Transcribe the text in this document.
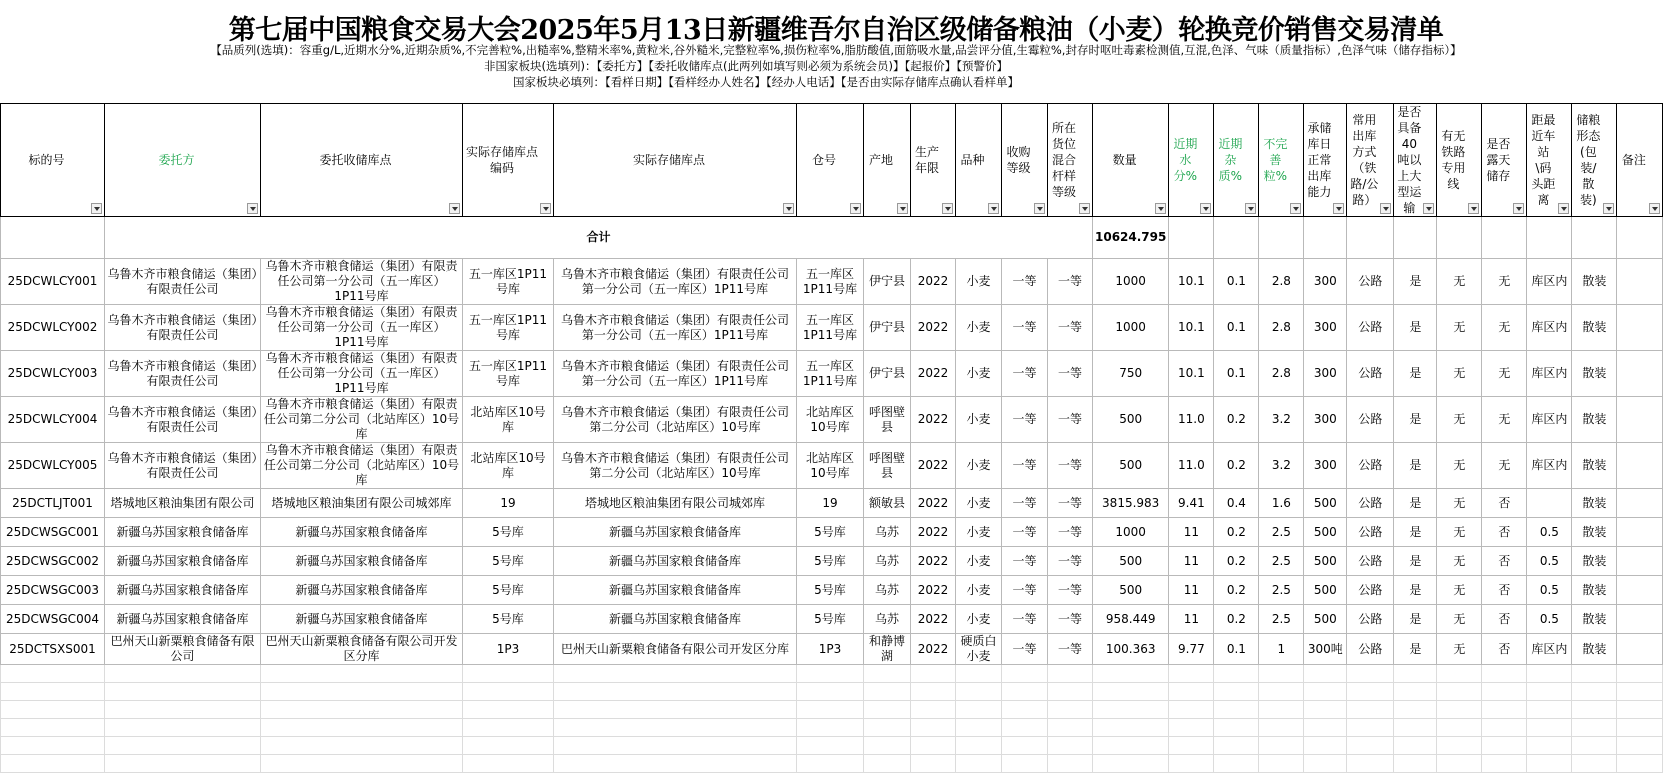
第七届中国粮食交易大会2025年5月13日新疆维吾尔自治区级储备粮油（小麦）轮换竞价销售交易清单
【品质列(选填)：容重g/L,近期水分%,近期杂质%,不完善粒%,出糙率%,整精米率%,黄粒米,谷外糙米,完整粒率%,损伤粒率%,脂肪酸值,面筋吸水量,品尝评分值,生霉粒%,封存时呕吐毒素检测值,互混,色泽、气味（质量指标）,色泽气味（储存指标）】
非国家板块(选填列)：【委托方】【委托收储库点(此两列如填写则必须为系统会员)】【起报价】【预警价】
国家板块必填列：【看样日期】【看样经办人姓名】【经办人电话】【是否由实际存储库点确认看样单】
标的号	委托方	委托收储库点	实际存储库点编码	实际存储库点	仓号	产地	生产年限	品种	收购等级	所在货位混合杆样等级	数量	近期水分%	近期杂质%	不完善粒%	承储库日正常出库能力	常用出库方式（铁路/公路）	是否具备40吨以上大型运输	有无铁路专用线	是否露天储存	距最近车站\码头距离	储粮形态(包装/散装)	备注

	合计										10624.795											
25DCWLCY001	乌鲁木齐市粮食储运（集团）有限责任公司	乌鲁木齐市粮食储运（集团）有限责任公司第一分公司（五一库区）1P11号库	五一库区1P11号库	乌鲁木齐市粮食储运（集团）有限责任公司第一分公司（五一库区）1P11号库	五一库区1P11号库	伊宁县	2022	小麦	一等	一等	1000	10.1	0.1	2.8	300	公路	是	无	无	库区内	散装	
25DCWLCY002	乌鲁木齐市粮食储运（集团）有限责任公司	乌鲁木齐市粮食储运（集团）有限责任公司第一分公司（五一库区）1P11号库	五一库区1P11号库	乌鲁木齐市粮食储运（集团）有限责任公司第一分公司（五一库区）1P11号库	五一库区1P11号库	伊宁县	2022	小麦	一等	一等	1000	10.1	0.1	2.8	300	公路	是	无	无	库区内	散装	
25DCWLCY003	乌鲁木齐市粮食储运（集团）有限责任公司	乌鲁木齐市粮食储运（集团）有限责任公司第一分公司（五一库区）1P11号库	五一库区1P11号库	乌鲁木齐市粮食储运（集团）有限责任公司第一分公司（五一库区）1P11号库	五一库区1P11号库	伊宁县	2022	小麦	一等	一等	750	10.1	0.1	2.8	300	公路	是	无	无	库区内	散装	
25DCWLCY004	乌鲁木齐市粮食储运（集团）有限责任公司	乌鲁木齐市粮食储运（集团）有限责任公司第二分公司（北站库区）10号库	北站库区10号库	乌鲁木齐市粮食储运（集团）有限责任公司第二分公司（北站库区）10号库	北站库区10号库	呼图壁县	2022	小麦	一等	一等	500	11.0	0.2	3.2	300	公路	是	无	无	库区内	散装	
25DCWLCY005	乌鲁木齐市粮食储运（集团）有限责任公司	乌鲁木齐市粮食储运（集团）有限责任公司第二分公司（北站库区）10号库	北站库区10号库	乌鲁木齐市粮食储运（集团）有限责任公司第二分公司（北站库区）10号库	北站库区10号库	呼图壁县	2022	小麦	一等	一等	500	11.0	0.2	3.2	300	公路	是	无	无	库区内	散装	
25DCTLJT001	塔城地区粮油集团有限公司	塔城地区粮油集团有限公司城郊库	19	塔城地区粮油集团有限公司城郊库	19	额敏县	2022	小麦	一等	一等	3815.983	9.41	0.4	1.6	500	公路	是	无	否		散装	
25DCWSGC001	新疆乌苏国家粮食储备库	新疆乌苏国家粮食储备库	5号库	新疆乌苏国家粮食储备库	5号库	乌苏	2022	小麦	一等	一等	1000	11	0.2	2.5	500	公路	是	无	否	0.5	散装	
25DCWSGC002	新疆乌苏国家粮食储备库	新疆乌苏国家粮食储备库	5号库	新疆乌苏国家粮食储备库	5号库	乌苏	2022	小麦	一等	一等	500	11	0.2	2.5	500	公路	是	无	否	0.5	散装	
25DCWSGC003	新疆乌苏国家粮食储备库	新疆乌苏国家粮食储备库	5号库	新疆乌苏国家粮食储备库	5号库	乌苏	2022	小麦	一等	一等	500	11	0.2	2.5	500	公路	是	无	否	0.5	散装	
25DCWSGC004	新疆乌苏国家粮食储备库	新疆乌苏国家粮食储备库	5号库	新疆乌苏国家粮食储备库	5号库	乌苏	2022	小麦	一等	一等	958.449	11	0.2	2.5	500	公路	是	无	否	0.5	散装	
25DCTSXS001	巴州天山新粟粮食储备有限公司	巴州天山新粟粮食储备有限公司开发区分库	1P3	巴州天山新粟粮食储备有限公司开发区分库	1P3	和静博湖	2022	硬质白小麦	一等	一等	100.363	9.77	0.1	1	300吨	公路	是	无	否	库区内	散装	
